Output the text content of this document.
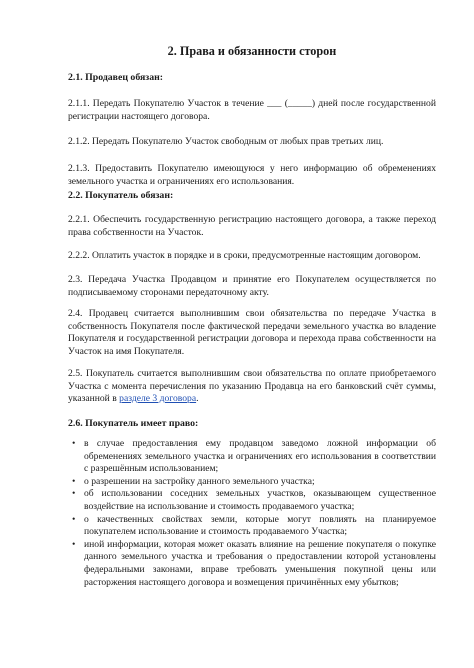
2. Права и обязанности сторон

2.1. Продавец обязан:

2.1.1. Передать Покупателю Участок в течение ___ (_____) дней после государственной регистрации настоящего договора.

2.1.2. Передать Покупателю Участок свободным от любых прав третьих лиц.

2.1.3. Предоставить Покупателю имеющуюся у него информацию об обременениях земельного участка и ограничениях его использования.

2.2. Покупатель обязан:

2.2.1. Обеспечить государственную регистрацию настоящего договора, а также переход права собственности на Участок.

2.2.2. Оплатить участок в порядке и в сроки, предусмотренные настоящим договором.

2.3. Передача Участка Продавцом и принятие его Покупателем осуществляется по подписываемому сторонами передаточному акту.

2.4. Продавец считается выполнившим свои обязательства по передаче Участка в собственность Покупателя после фактической передачи земельного участка во владение Покупателя и государственной регистрации договора и перехода права собственности на Участок на имя Покупателя.

2.5. Покупатель считается выполнившим свои обязательства по оплате приобретаемого Участка с момента перечисления по указанию Продавца на его банковский счёт суммы, указанной в разделе 3 договора.

2.6. Покупатель имеет право:

• в случае предоставления ему продавцом заведомо ложной информации об обременениях земельного участка и ограничениях его использования в соответствии с разрешённым использованием;
• о разрешении на застройку данного земельного участка;
• об использовании соседних земельных участков, оказывающем существенное воздействие на использование и стоимость продаваемого участка;
• о качественных свойствах земли, которые могут повлиять на планируемое покупателем использование и стоимость продаваемого Участка;
• иной информации, которая может оказать влияние на решение покупателя о покупке данного земельного участка и требования о предоставлении которой установлены федеральными законами, вправе требовать уменьшения покупной цены или расторжения настоящего договора и возмещения причинённых ему убытков;
